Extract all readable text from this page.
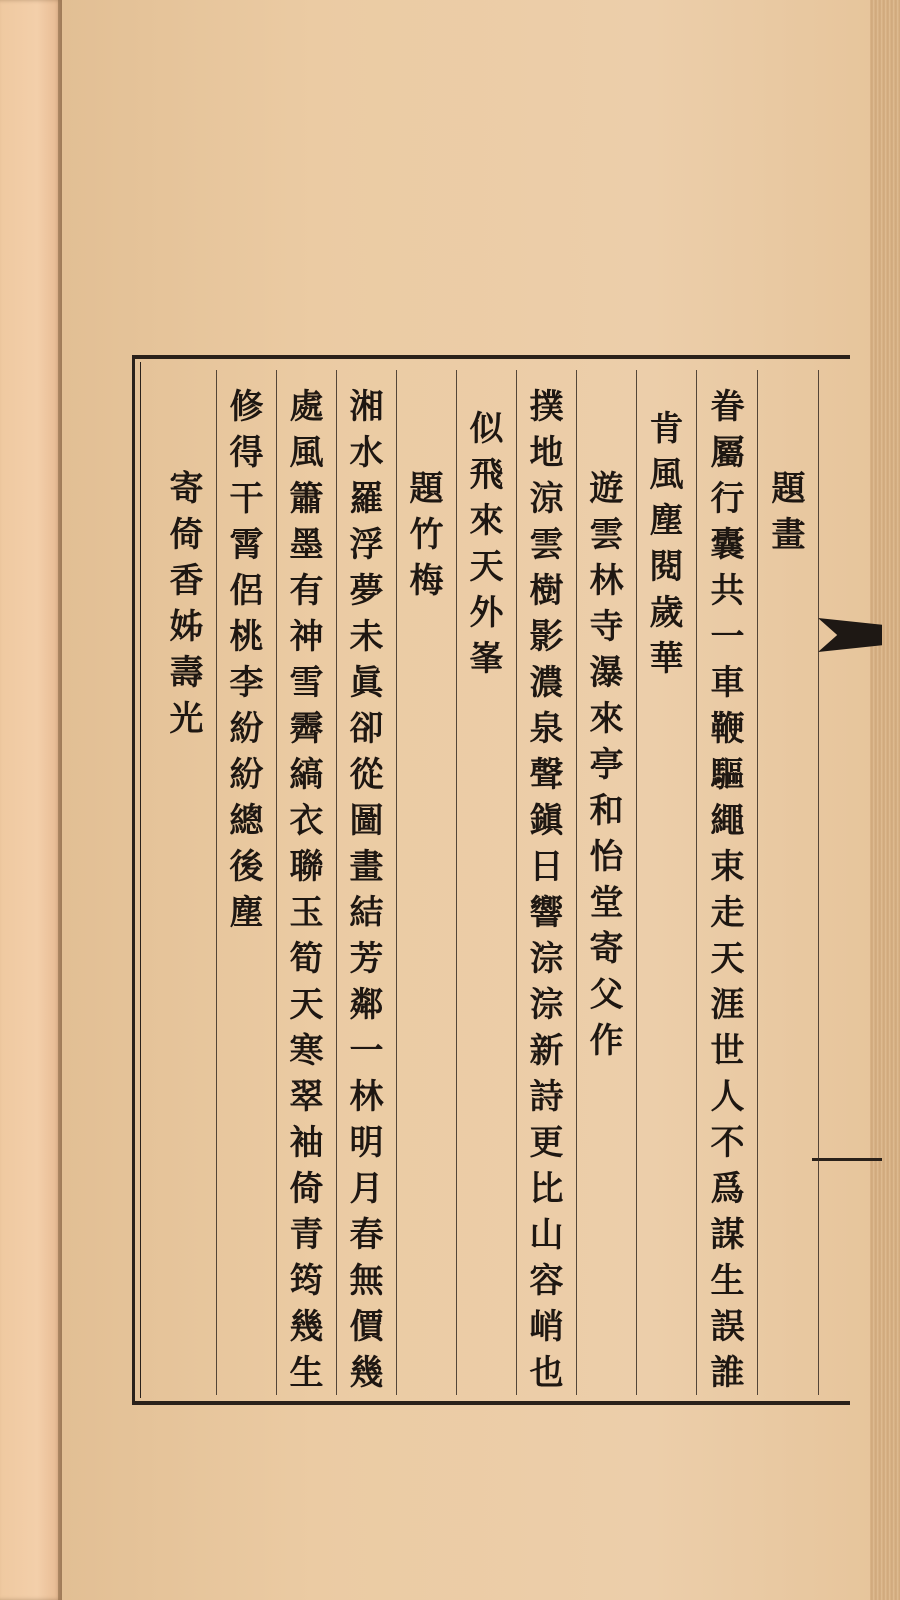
題畫
眷屬行囊共一車鞭驅繩束走天涯世人不爲謀生誤誰
肯風塵閱歲華
遊雲林寺瀑來亭和怡堂寄父作
撲地涼雲樹影濃泉聲鎭日響淙淙新詩更比山容峭也
似飛來天外峯
題竹梅
湘水羅浮夢未眞卻從圖畫結芳鄰一林明月春無價幾
處風簫墨有神雪霽縞衣聯玉筍天寒翠袖倚青筠幾生
修得干霄侶桃李紛紛總後塵
寄倚香姊壽光
